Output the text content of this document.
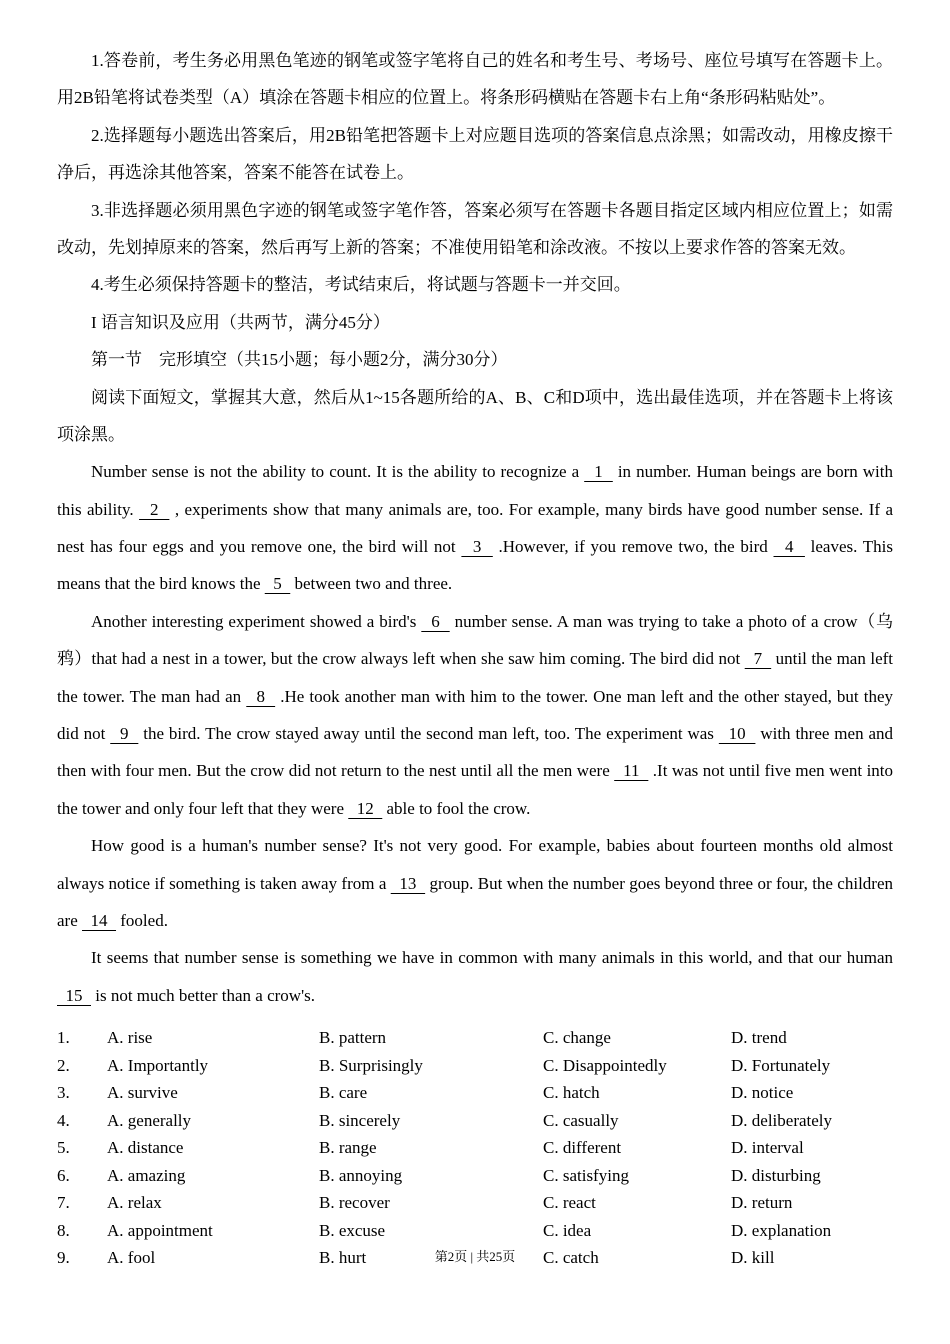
1.答卷前，考生务必用黑色笔迹的钢笔或签字笔将自己的姓名和考生号、考场号、座位号填写在答题卡上。用2B铅笔将试卷类型（A）填涂在答题卡相应的位置上。将条形码横贴在答题卡右上角“条形码粘贴处”。

2.选择题每小题选出答案后，用2B铅笔把答题卡上对应题目选项的答案信息点涂黑；如需改动，用橡皮擦干净后，再选涂其他答案，答案不能答在试卷上。

3.非选择题必须用黑色字迹的钢笔或签字笔作答，答案必须写在答题卡各题目指定区域内相应位置上；如需改动，先划掉原来的答案，然后再写上新的答案；不准使用铅笔和涂改液。不按以上要求作答的答案无效。

4.考生必须保持答题卡的整洁，考试结束后，将试题与答题卡一并交回。

I 语言知识及应用（共两节，满分45分）

第一节　完形填空（共15小题；每小题2分，满分30分）

阅读下面短文，掌握其大意，然后从1~15各题所给的A、B、C和D项中，选出最佳选项，并在答题卡上将该项涂黑。

Number sense is not the ability to count. It is the ability to recognize a   1   in number. Human beings are born with this ability.   2   , experiments show that many animals are, too. For example, many birds have good number sense. If a nest has four eggs and you remove one, the bird will not   3   .However, if you remove two, the bird   4   leaves. This means that the bird knows the   5   between two and three.

Another interesting experiment showed a bird's   6   number sense. A man was trying to take a photo of a crow（乌鸦）that had a nest in a tower, but the crow always left when she saw him coming. The bird did not   7   until the man left the tower. The man had an   8   .He took another man with him to the tower. One man left and the other stayed, but they did not   9   the bird. The crow stayed away until the second man left, too. The experiment was   10   with three men and then with four men. But the crow did not return to the nest until all the men were   11   .It was not until five men went into the tower and only four left that they were   12   able to fool the crow.

How good is a human's number sense? It's not very good. For example, babies about fourteen months old almost always notice if something is taken away from a   13   group. But when the number goes beyond three or four, the children are   14   fooled.

It seems that number sense is something we have in common with many animals in this world, and that our human   15   is not much better than a crow's.

1.	A. rise	B. pattern	C. change	D. trend
2.	A. Importantly	B. Surprisingly	C. Disappointedly	D. Fortunately
3.	A. survive	B. care	C. hatch	D. notice
4.	A. generally	B. sincerely	C. casually	D. deliberately
5.	A. distance	B. range	C. different	D. interval
6.	A. amazing	B. annoying	C. satisfying	D. disturbing
7.	A. relax	B. recover	C. react	D. return
8.	A. appointment	B. excuse	C. idea	D. explanation
9.	A. fool	B. hurt	C. catch	D. kill
第2页 | 共25页
